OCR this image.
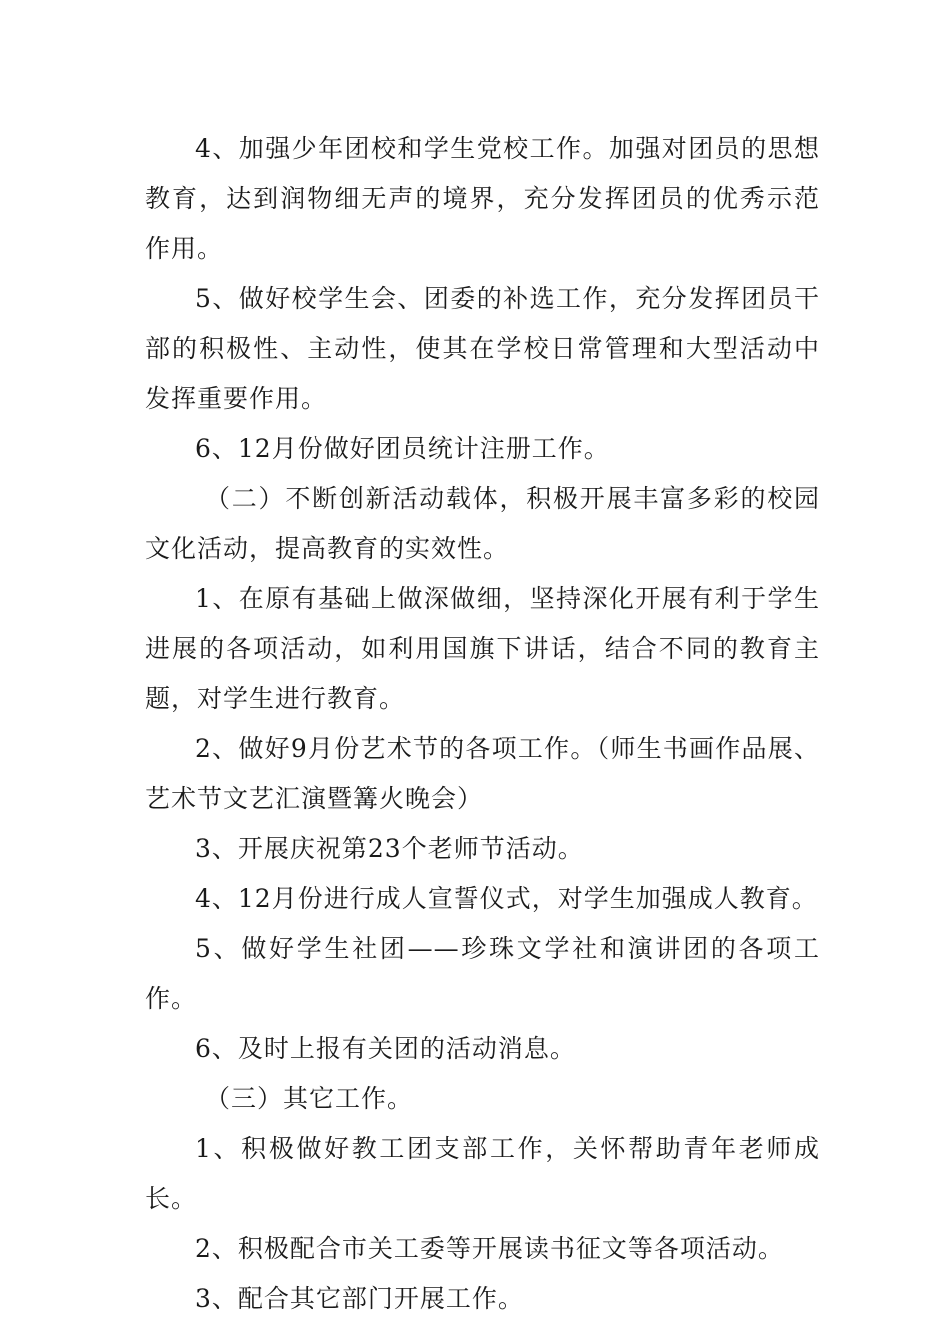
4、加强少年团校和学生党校工作。加强对团员的思想教育，达到润物细无声的境界，充分发挥团员的优秀示范作用。

5、做好校学生会、团委的补选工作，充分发挥团员干部的积极性、主动性，使其在学校日常管理和大型活动中发挥重要作用。

6、12月份做好团员统计注册工作。

（二）不断创新活动载体，积极开展丰富多彩的校园文化活动，提高教育的实效性。

1、在原有基础上做深做细，坚持深化开展有利于学生进展的各项活动，如利用国旗下讲话，结合不同的教育主题，对学生进行教育。

2、做好9月份艺术节的各项工作。（师生书画作品展、艺术节文艺汇演暨篝火晚会）

3、开展庆祝第23个老师节活动。

4、12月份进行成人宣誓仪式，对学生加强成人教育。

5、做好学生社团——珍珠文学社和演讲团的各项工作。

6、及时上报有关团的活动消息。

（三）其它工作。

1、积极做好教工团支部工作，关怀帮助青年老师成长。

2、积极配合市关工委等开展读书征文等各项活动。

3、配合其它部门开展工作。
